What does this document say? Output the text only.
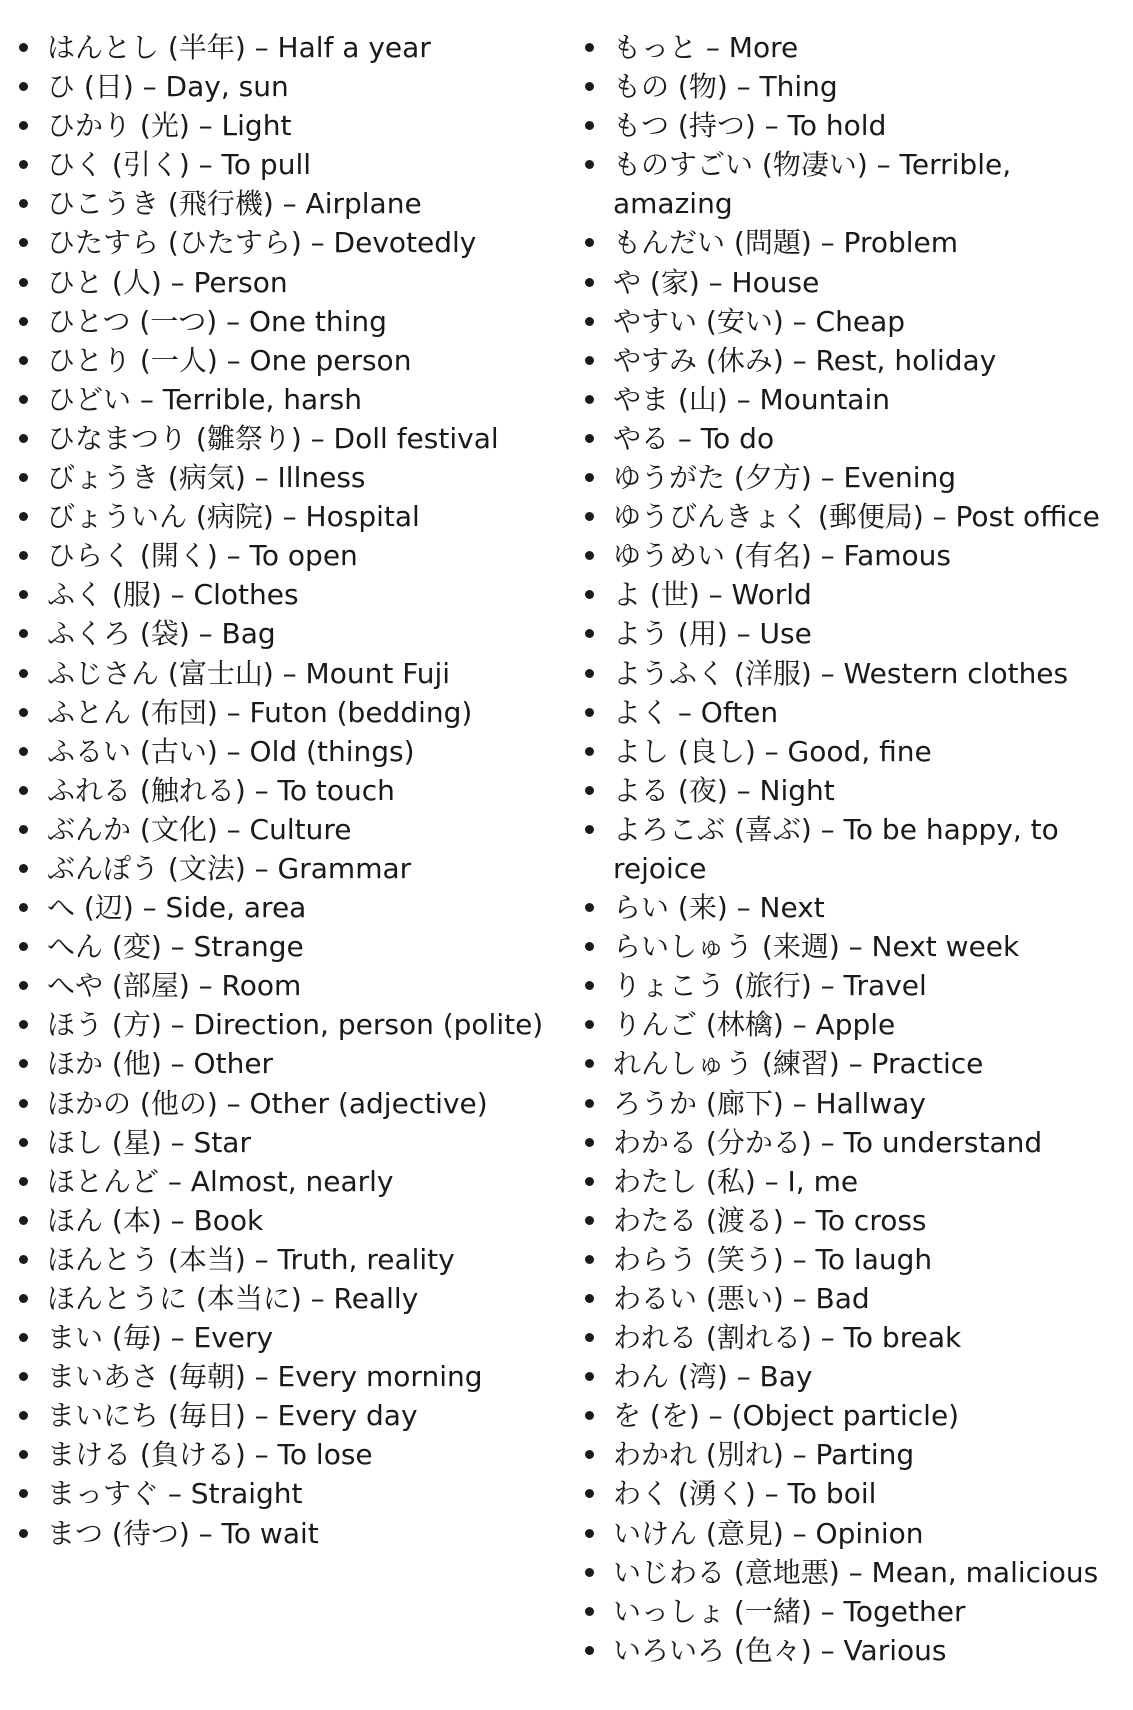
はんとし (半年) – Half a year
ひ (日) – Day, sun
ひかり (光) – Light
ひく (引く) – To pull
ひこうき (飛行機) – Airplane
ひたすら (ひたすら) – Devotedly
ひと (人) – Person
ひとつ (一つ) – One thing
ひとり (一人) – One person
ひどい – Terrible, harsh
ひなまつり (雛祭り) – Doll festival
びょうき (病気) – Illness
びょういん (病院) – Hospital
ひらく (開く) – To open
ふく (服) – Clothes
ふくろ (袋) – Bag
ふじさん (富士山) – Mount Fuji
ふとん (布団) – Futon (bedding)
ふるい (古い) – Old (things)
ふれる (触れる) – To touch
ぶんか (文化) – Culture
ぶんぽう (文法) – Grammar
へ (辺) – Side, area
へん (変) – Strange
へや (部屋) – Room
ほう (方) – Direction, person (polite)
ほか (他) – Other
ほかの (他の) – Other (adjective)
ほし (星) – Star
ほとんど – Almost, nearly
ほん (本) – Book
ほんとう (本当) – Truth, reality
ほんとうに (本当に) – Really
まい (毎) – Every
まいあさ (毎朝) – Every morning
まいにち (毎日) – Every day
まける (負ける) – To lose
まっすぐ – Straight
まつ (待つ) – To wait
もっと – More
もの (物) – Thing
もつ (持つ) – To hold
ものすごい (物凄い) – Terrible, amazing
もんだい (問題) – Problem
や (家) – House
やすい (安い) – Cheap
やすみ (休み) – Rest, holiday
やま (山) – Mountain
やる – To do
ゆうがた (夕方) – Evening
ゆうびんきょく (郵便局) – Post office
ゆうめい (有名) – Famous
よ (世) – World
よう (用) – Use
ようふく (洋服) – Western clothes
よく – Often
よし (良し) – Good, fine
よる (夜) – Night
よろこぶ (喜ぶ) – To be happy, to rejoice
らい (来) – Next
らいしゅう (来週) – Next week
りょこう (旅行) – Travel
りんご (林檎) – Apple
れんしゅう (練習) – Practice
ろうか (廊下) – Hallway
わかる (分かる) – To understand
わたし (私) – I, me
わたる (渡る) – To cross
わらう (笑う) – To laugh
わるい (悪い) – Bad
われる (割れる) – To break
わん (湾) – Bay
を (を) – (Object particle)
わかれ (別れ) – Parting
わく (湧く) – To boil
いけん (意見) – Opinion
いじわる (意地悪) – Mean, malicious
いっしょ (一緒) – Together
いろいろ (色々) – Various
